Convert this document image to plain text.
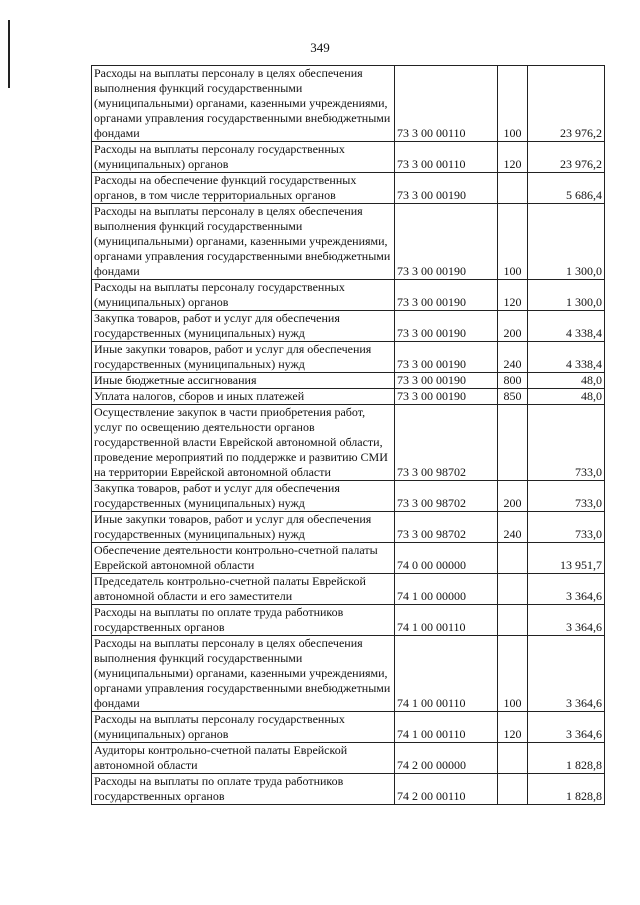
349
Расходы на выплаты персоналу в целях обеспечения выполнения функций государственными (муниципальными) органами, казенными учреждениями, органами управления государственными внебюджетными фондами	73 3 00 00110	100	23 976,2
Расходы на выплаты персоналу государственных (муниципальных) органов	73 3 00 00110	120	23 976,2
Расходы на обеспечение функций государственных органов, в том числе территориальных органов	73 3 00 00190		5 686,4
Расходы на выплаты персоналу в целях обеспечения выполнения функций государственными (муниципальными) органами, казенными учреждениями, органами управления государственными внебюджетными фондами	73 3 00 00190	100	1 300,0
Расходы на выплаты персоналу государственных (муниципальных) органов	73 3 00 00190	120	1 300,0
Закупка товаров, работ и услуг для обеспечения государственных (муниципальных) нужд	73 3 00 00190	200	4 338,4
Иные закупки товаров, работ и услуг для обеспечения государственных (муниципальных) нужд	73 3 00 00190	240	4 338,4
Иные бюджетные ассигнования	73 3 00 00190	800	48,0
Уплата налогов, сборов и иных платежей	73 3 00 00190	850	48,0
Осуществление закупок в части приобретения работ, услуг по освещению деятельности органов государственной власти Еврейской автономной области, проведение мероприятий по поддержке и развитию СМИ на территории Еврейской автономной области	73 3 00 98702		733,0
Закупка товаров, работ и услуг для обеспечения государственных (муниципальных) нужд	73 3 00 98702	200	733,0
Иные закупки товаров, работ и услуг для обеспечения государственных (муниципальных) нужд	73 3 00 98702	240	733,0
Обеспечение деятельности контрольно-счетной палаты Еврейской автономной области	74 0 00 00000		13 951,7
Председатель контрольно-счетной палаты Еврейской автономной области и его заместители	74 1 00 00000		3 364,6
Расходы на выплаты по оплате труда работников государственных органов	74 1 00 00110		3 364,6
Расходы на выплаты персоналу в целях обеспечения выполнения функций государственными (муниципальными) органами, казенными учреждениями, органами управления государственными внебюджетными фондами	74 1 00 00110	100	3 364,6
Расходы на выплаты персоналу государственных (муниципальных) органов	74 1 00 00110	120	3 364,6
Аудиторы контрольно-счетной палаты Еврейской автономной области	74 2 00 00000		1 828,8
Расходы на выплаты по оплате труда работников государственных органов	74 2 00 00110		1 828,8
